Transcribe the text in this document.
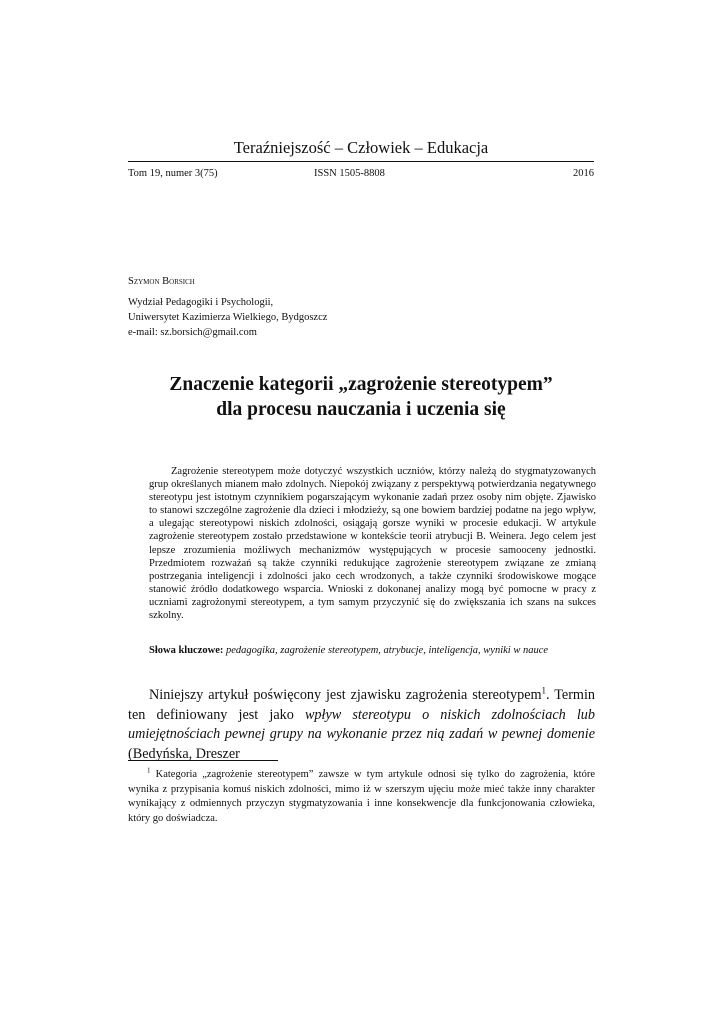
Teraźniejszość – Człowiek – Edukacja
Tom 19, numer 3(75)	ISSN 1505-8808	2016
Szymon Borsich
Wydział Pedagogiki i Psychologii,
Uniwersytet Kazimierza Wielkiego, Bydgoszcz
e-mail: sz.borsich@gmail.com
Znaczenie kategorii „zagrożenie stereotypem”
dla procesu nauczania i uczenia się

Zagrożenie stereotypem może dotyczyć wszystkich uczniów, którzy należą do stygmatyzowanych grup określanych mianem mało zdolnych. Niepokój związany z perspektywą potwierdzania negatywnego stereotypu jest istotnym czynnikiem pogarszającym wykonanie zadań przez osoby nim objęte. Zjawisko to stanowi szczególne zagrożenie dla dzieci i młodzieży, są one bowiem bardziej podatne na jego wpływ, a ulegając stereotypowi niskich zdolności, osiągają gorsze wyniki w procesie edukacji. W artykule zagrożenie stereotypem zostało przedstawione w kontekście teorii atrybucji B. Weinera. Jego celem jest lepsze zrozumienia możliwych mechanizmów występujących w procesie samooceny jednostki. Przedmiotem rozważań są także czynniki redukujące zagrożenie stereotypem związane ze zmianą postrzegania inteligencji i zdolności jako cech wrodzonych, a także czynniki środowiskowe mogące stanowić źródło dodatkowego wsparcia. Wnioski z dokonanej analizy mogą być pomocne w pracy z uczniami zagrożonymi stereotypem, a tym samym przyczynić się do zwiększania ich szans na sukces szkolny.

Słowa kluczowe: pedagogika, zagrożenie stereotypem, atrybucje, inteligencja, wyniki w nauce

Niniejszy artykuł poświęcony jest zjawisku zagrożenia stereotypem$^1$. Termin ten definiowany jest jako wpływ stereotypu o niskich zdolnościach lub umiejętnościach pewnej grupy na wykonanie przez nią zadań w pewnej domenie (Bedyńska, Dreszer

$^1$ Kategoria „zagrożenie stereotypem” zawsze w tym artykule odnosi się tylko do zagrożenia, które wynika z przypisania komuś niskich zdolności, mimo iż w szerszym ujęciu może mieć także inny charakter wynikający z odmiennych przyczyn stygmatyzowania i inne konsekwencje dla funkcjonowania człowieka, który go doświadcza.
